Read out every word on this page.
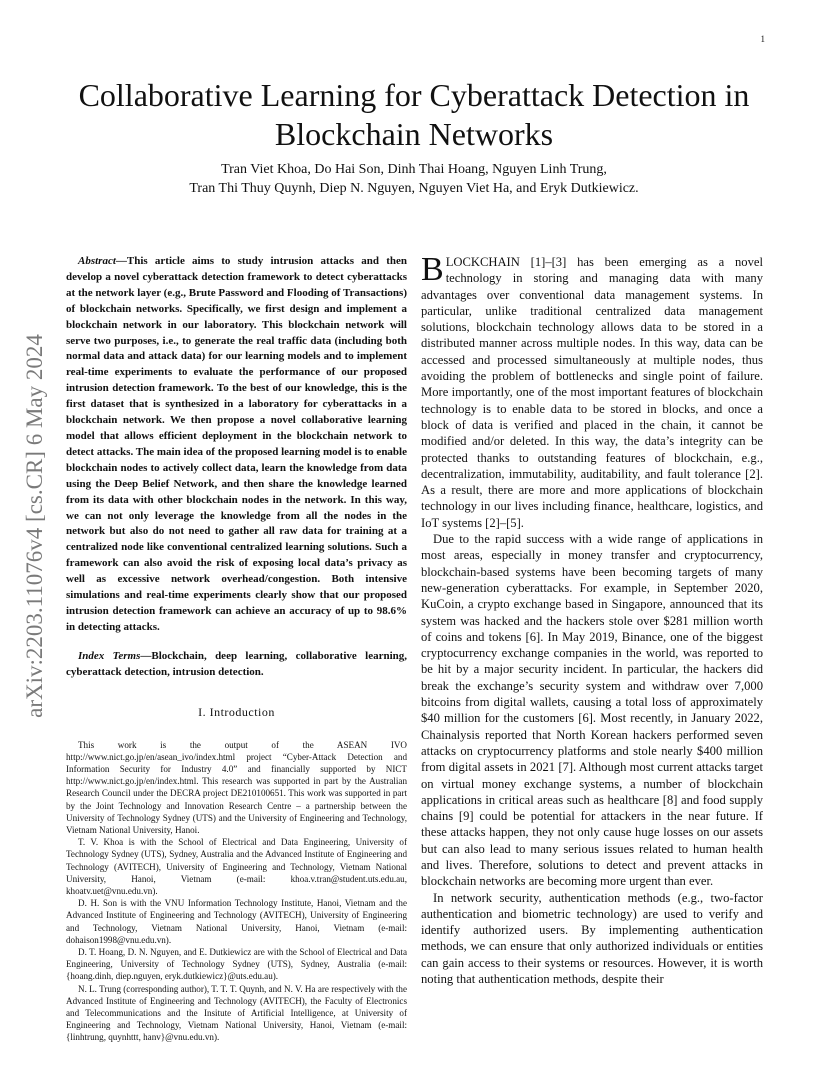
1
arXiv:2203.11076v4 [cs.CR] 6 May 2024
Collaborative Learning for Cyberattack Detection in Blockchain Networks
Tran Viet Khoa, Do Hai Son, Dinh Thai Hoang, Nguyen Linh Trung,
Tran Thi Thuy Quynh, Diep N. Nguyen, Nguyen Viet Ha, and Eryk Dutkiewicz.

Abstract—This article aims to study intrusion attacks and then develop a novel cyberattack detection framework to detect cyberattacks at the network layer (e.g., Brute Password and Flooding of Transactions) of blockchain networks. Specifically, we first design and implement a blockchain network in our laboratory. This blockchain network will serve two purposes, i.e., to generate the real traffic data (including both normal data and attack data) for our learning models and to implement real-time experiments to evaluate the performance of our proposed intrusion detection framework. To the best of our knowledge, this is the first dataset that is synthesized in a laboratory for cyberattacks in a blockchain network. We then propose a novel collaborative learning model that allows efficient deployment in the blockchain network to detect attacks. The main idea of the proposed learning model is to enable blockchain nodes to actively collect data, learn the knowledge from data using the Deep Belief Network, and then share the knowledge learned from its data with other blockchain nodes in the network. In this way, we can not only leverage the knowledge from all the nodes in the network but also do not need to gather all raw data for training at a centralized node like conventional centralized learning solutions. Such a framework can also avoid the risk of exposing local data’s privacy as well as excessive network overhead/congestion. Both intensive simulations and real-time experiments clearly show that our proposed intrusion detection framework can achieve an accuracy of up to 98.6% in detecting attacks.

Index Terms—Blockchain, deep learning, collaborative learning, cyberattack detection, intrusion detection.

I. Introduction

This work is the output of the ASEAN IVO http://www.nict.go.jp/en/asean_ivo/index.html project “Cyber-Attack Detection and Information Security for Industry 4.0” and financially supported by NICT http://www.nict.go.jp/en/index.html. This research was supported in part by the Australian Research Council under the DECRA project DE210100651. This work was supported in part by the Joint Technology and Innovation Research Centre – a partnership between the University of Technology Sydney (UTS) and the University of Engineering and Technology, Vietnam National University, Hanoi.

T. V. Khoa is with the School of Electrical and Data Engineering, University of Technology Sydney (UTS), Sydney, Australia and the Advanced Institute of Engineering and Technology (AVITECH), University of Engineering and Technology, Vietnam National University, Hanoi, Vietnam (e-mail: khoa.v.tran@student.uts.edu.au, khoatv.uet@vnu.edu.vn).

D. H. Son is with the VNU Information Technology Institute, Hanoi, Vietnam and the Advanced Institute of Engineering and Technology (AVITECH), University of Engineering and Technology, Vietnam National University, Hanoi, Vietnam (e-mail: dohaison1998@vnu.edu.vn).

D. T. Hoang, D. N. Nguyen, and E. Dutkiewicz are with the School of Electrical and Data Engineering, University of Technology Sydney (UTS), Sydney, Australia (e-mail: {hoang.dinh, diep.nguyen, eryk.dutkiewicz}@uts.edu.au).

N. L. Trung (corresponding author), T. T. T. Quynh, and N. V. Ha are respectively with the Advanced Institute of Engineering and Technology (AVITECH), the Faculty of Electronics and Telecommunications and the Insitute of Artificial Intelligence, at University of Engineering and Technology, Vietnam National University, Hanoi, Vietnam (e-mail: {linhtrung, quynhttt, hanv}@vnu.edu.vn).

BLOCKCHAIN [1]–[3] has been emerging as a novel technology in storing and managing data with many advantages over conventional data management systems. In particular, unlike traditional centralized data management solutions, blockchain technology allows data to be stored in a distributed manner across multiple nodes. In this way, data can be accessed and processed simultaneously at multiple nodes, thus avoiding the problem of bottlenecks and single point of failure. More importantly, one of the most important features of blockchain technology is to enable data to be stored in blocks, and once a block of data is verified and placed in the chain, it cannot be modified and/or deleted. In this way, the data’s integrity can be protected thanks to outstanding features of blockchain, e.g., decentralization, immutability, auditability, and fault tolerance [2]. As a result, there are more and more applications of blockchain technology in our lives including finance, healthcare, logistics, and IoT systems [2]–[5].

Due to the rapid success with a wide range of applications in most areas, especially in money transfer and cryptocurrency, blockchain-based systems have been becoming targets of many new-generation cyberattacks. For example, in September 2020, KuCoin, a crypto exchange based in Singapore, announced that its system was hacked and the hackers stole over $281 million worth of coins and tokens [6]. In May 2019, Binance, one of the biggest cryptocurrency exchange companies in the world, was reported to be hit by a major security incident. In particular, the hackers did break the exchange’s security system and withdraw over 7,000 bitcoins from digital wallets, causing a total loss of approximately $40 million for the customers [6]. Most recently, in January 2022, Chainalysis reported that North Korean hackers performed seven attacks on cryptocurrency platforms and stole nearly $400 million from digital assets in 2021 [7]. Although most current attacks target on virtual money exchange systems, a number of blockchain applications in critical areas such as healthcare [8] and food supply chains [9] could be potential for attackers in the near future. If these attacks happen, they not only cause huge losses on our assets but can also lead to many serious issues related to human health and lives. Therefore, solutions to detect and prevent attacks in blockchain networks are becoming more urgent than ever.

In network security, authentication methods (e.g., two-factor authentication and biometric technology) are used to verify and identify authorized users. By implementing authentication methods, we can ensure that only authorized individuals or entities can gain access to their systems or resources. However, it is worth noting that authentication methods, despite their
